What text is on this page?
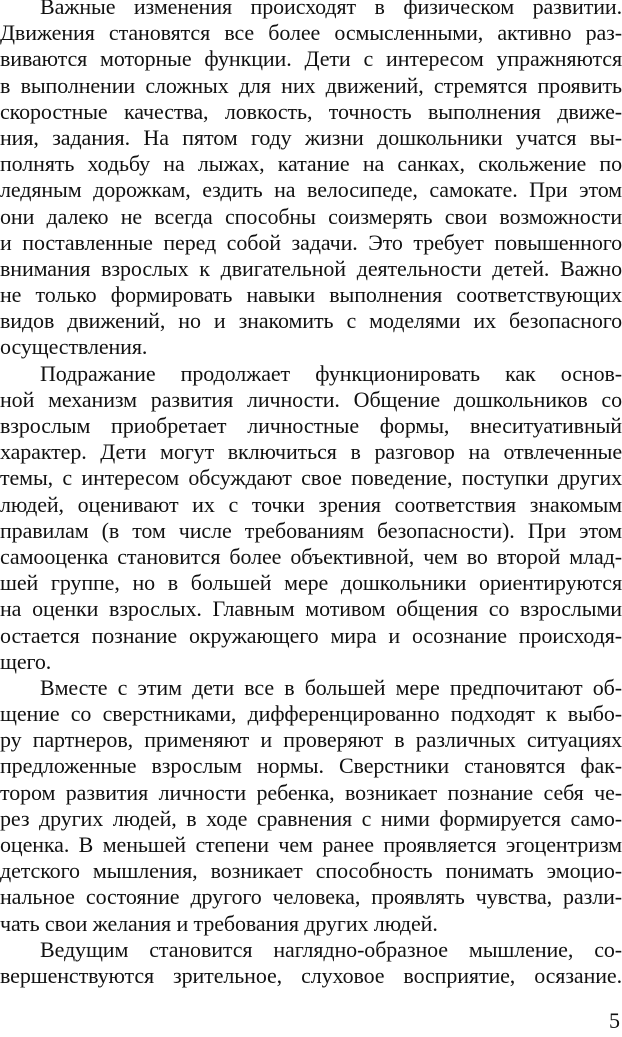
Важные изменения происходят в физическом развитии.
Движения становятся все более осмысленными, активно раз-
виваются моторные функции. Дети с интересом упражняются
в выполнении сложных для них движений, стремятся проявить
скоростные качества, ловкость, точность выполнения движе-
ния, задания. На пятом году жизни дошкольники учатся вы-
полнять ходьбу на лыжах, катание на санках, скольжение по
ледяным дорожкам, ездить на велосипеде, самокате. При этом
они далеко не всегда способны соизмерять свои возможности
и поставленные перед собой задачи. Это требует повышенного
внимания взрослых к двигательной деятельности детей. Важно
не только формировать навыки выполнения соответствующих
видов движений, но и знакомить с моделями их безопасного
осуществления.
Подражание продолжает функционировать как основ-
ной механизм развития личности. Общение дошкольников со
взрослым приобретает личностные формы, внеситуативный
характер. Дети могут включиться в разговор на отвлеченные
темы, с интересом обсуждают свое поведение, поступки других
людей, оценивают их с точки зрения соответствия знакомым
правилам (в том числе требованиям безопасности). При этом
самооценка становится более объективной, чем во второй млад-
шей группе, но в большей мере дошкольники ориентируются
на оценки взрослых. Главным мотивом общения со взрослыми
остается познание окружающего мира и осознание происходя-
щего.
Вместе с этим дети все в большей мере предпочитают об-
щение со сверстниками, дифференцированно подходят к выбо-
ру партнеров, применяют и проверяют в различных ситуациях
предложенные взрослым нормы. Сверстники становятся фак-
тором развития личности ребенка, возникает познание себя че-
рез других людей, в ходе сравнения с ними формируется само-
оценка. В меньшей степени чем ранее проявляется эгоцентризм
детского мышления, возникает способность понимать эмоцио-
нальное состояние другого человека, проявлять чувства, разли-
чать свои желания и требования других людей.
Ведущим становится наглядно-образное мышление, со-
вершенствуются зрительное, слуховое восприятие, осязание.
5
